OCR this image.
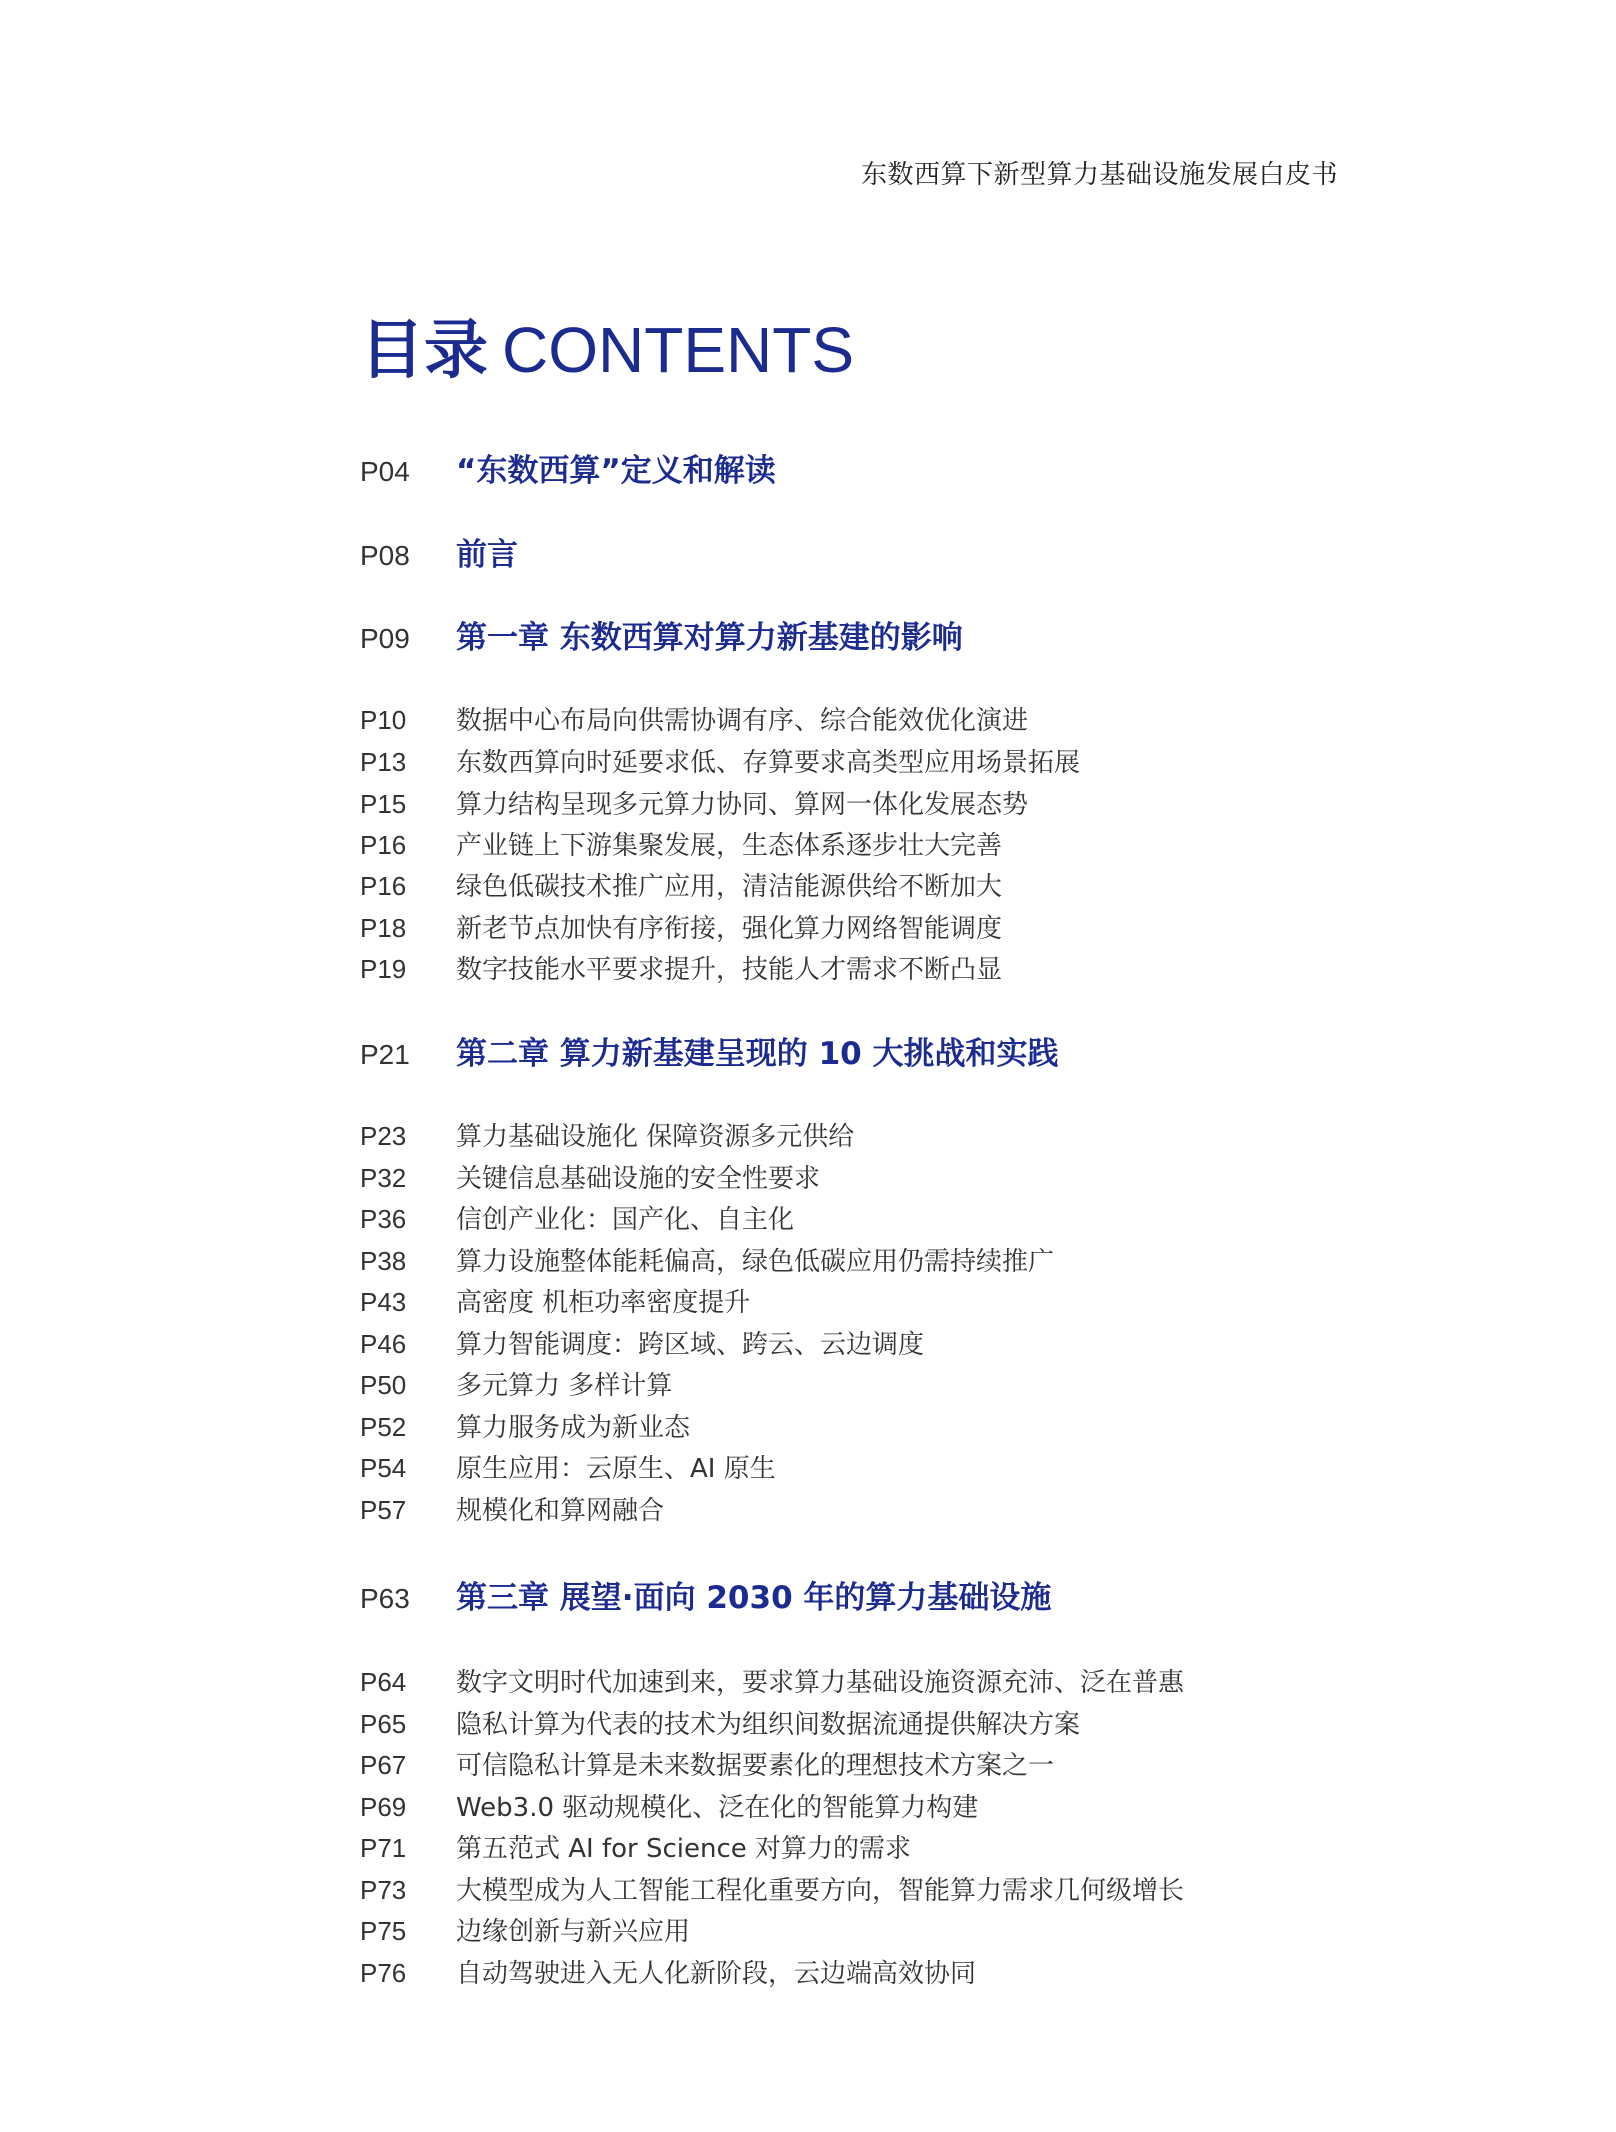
东数西算下新型算力基础设施发展白皮书
目录 CONTENTS
P04 “东数西算”定义和解读
P08 前言
P09 第一章 东数西算对算力新基建的影响
P10 数据中心布局向供需协调有序、综合能效优化演进
P13 东数西算向时延要求低、存算要求高类型应用场景拓展
P15 算力结构呈现多元算力协同、算网一体化发展态势
P16 产业链上下游集聚发展，生态体系逐步壮大完善
P16 绿色低碳技术推广应用，清洁能源供给不断加大
P18 新老节点加快有序衔接，强化算力网络智能调度
P19 数字技能水平要求提升，技能人才需求不断凸显
P21 第二章 算力新基建呈现的 10 大挑战和实践
P23 算力基础设施化 保障资源多元供给
P32 关键信息基础设施的安全性要求
P36 信创产业化：国产化、自主化
P38 算力设施整体能耗偏高，绿色低碳应用仍需持续推广
P43 高密度 机柜功率密度提升
P46 算力智能调度：跨区域、跨云、云边调度
P50 多元算力 多样计算
P52 算力服务成为新业态
P54 原生应用：云原生、AI 原生
P57 规模化和算网融合
P63 第三章 展望·面向 2030 年的算力基础设施
P64 数字文明时代加速到来，要求算力基础设施资源充沛、泛在普惠
P65 隐私计算为代表的技术为组织间数据流通提供解决方案
P67 可信隐私计算是未来数据要素化的理想技术方案之一
P69 Web3.0 驱动规模化、泛在化的智能算力构建
P71 第五范式 AI for Science 对算力的需求
P73 大模型成为人工智能工程化重要方向，智能算力需求几何级增长
P75 边缘创新与新兴应用
P76 自动驾驶进入无人化新阶段，云边端高效协同
